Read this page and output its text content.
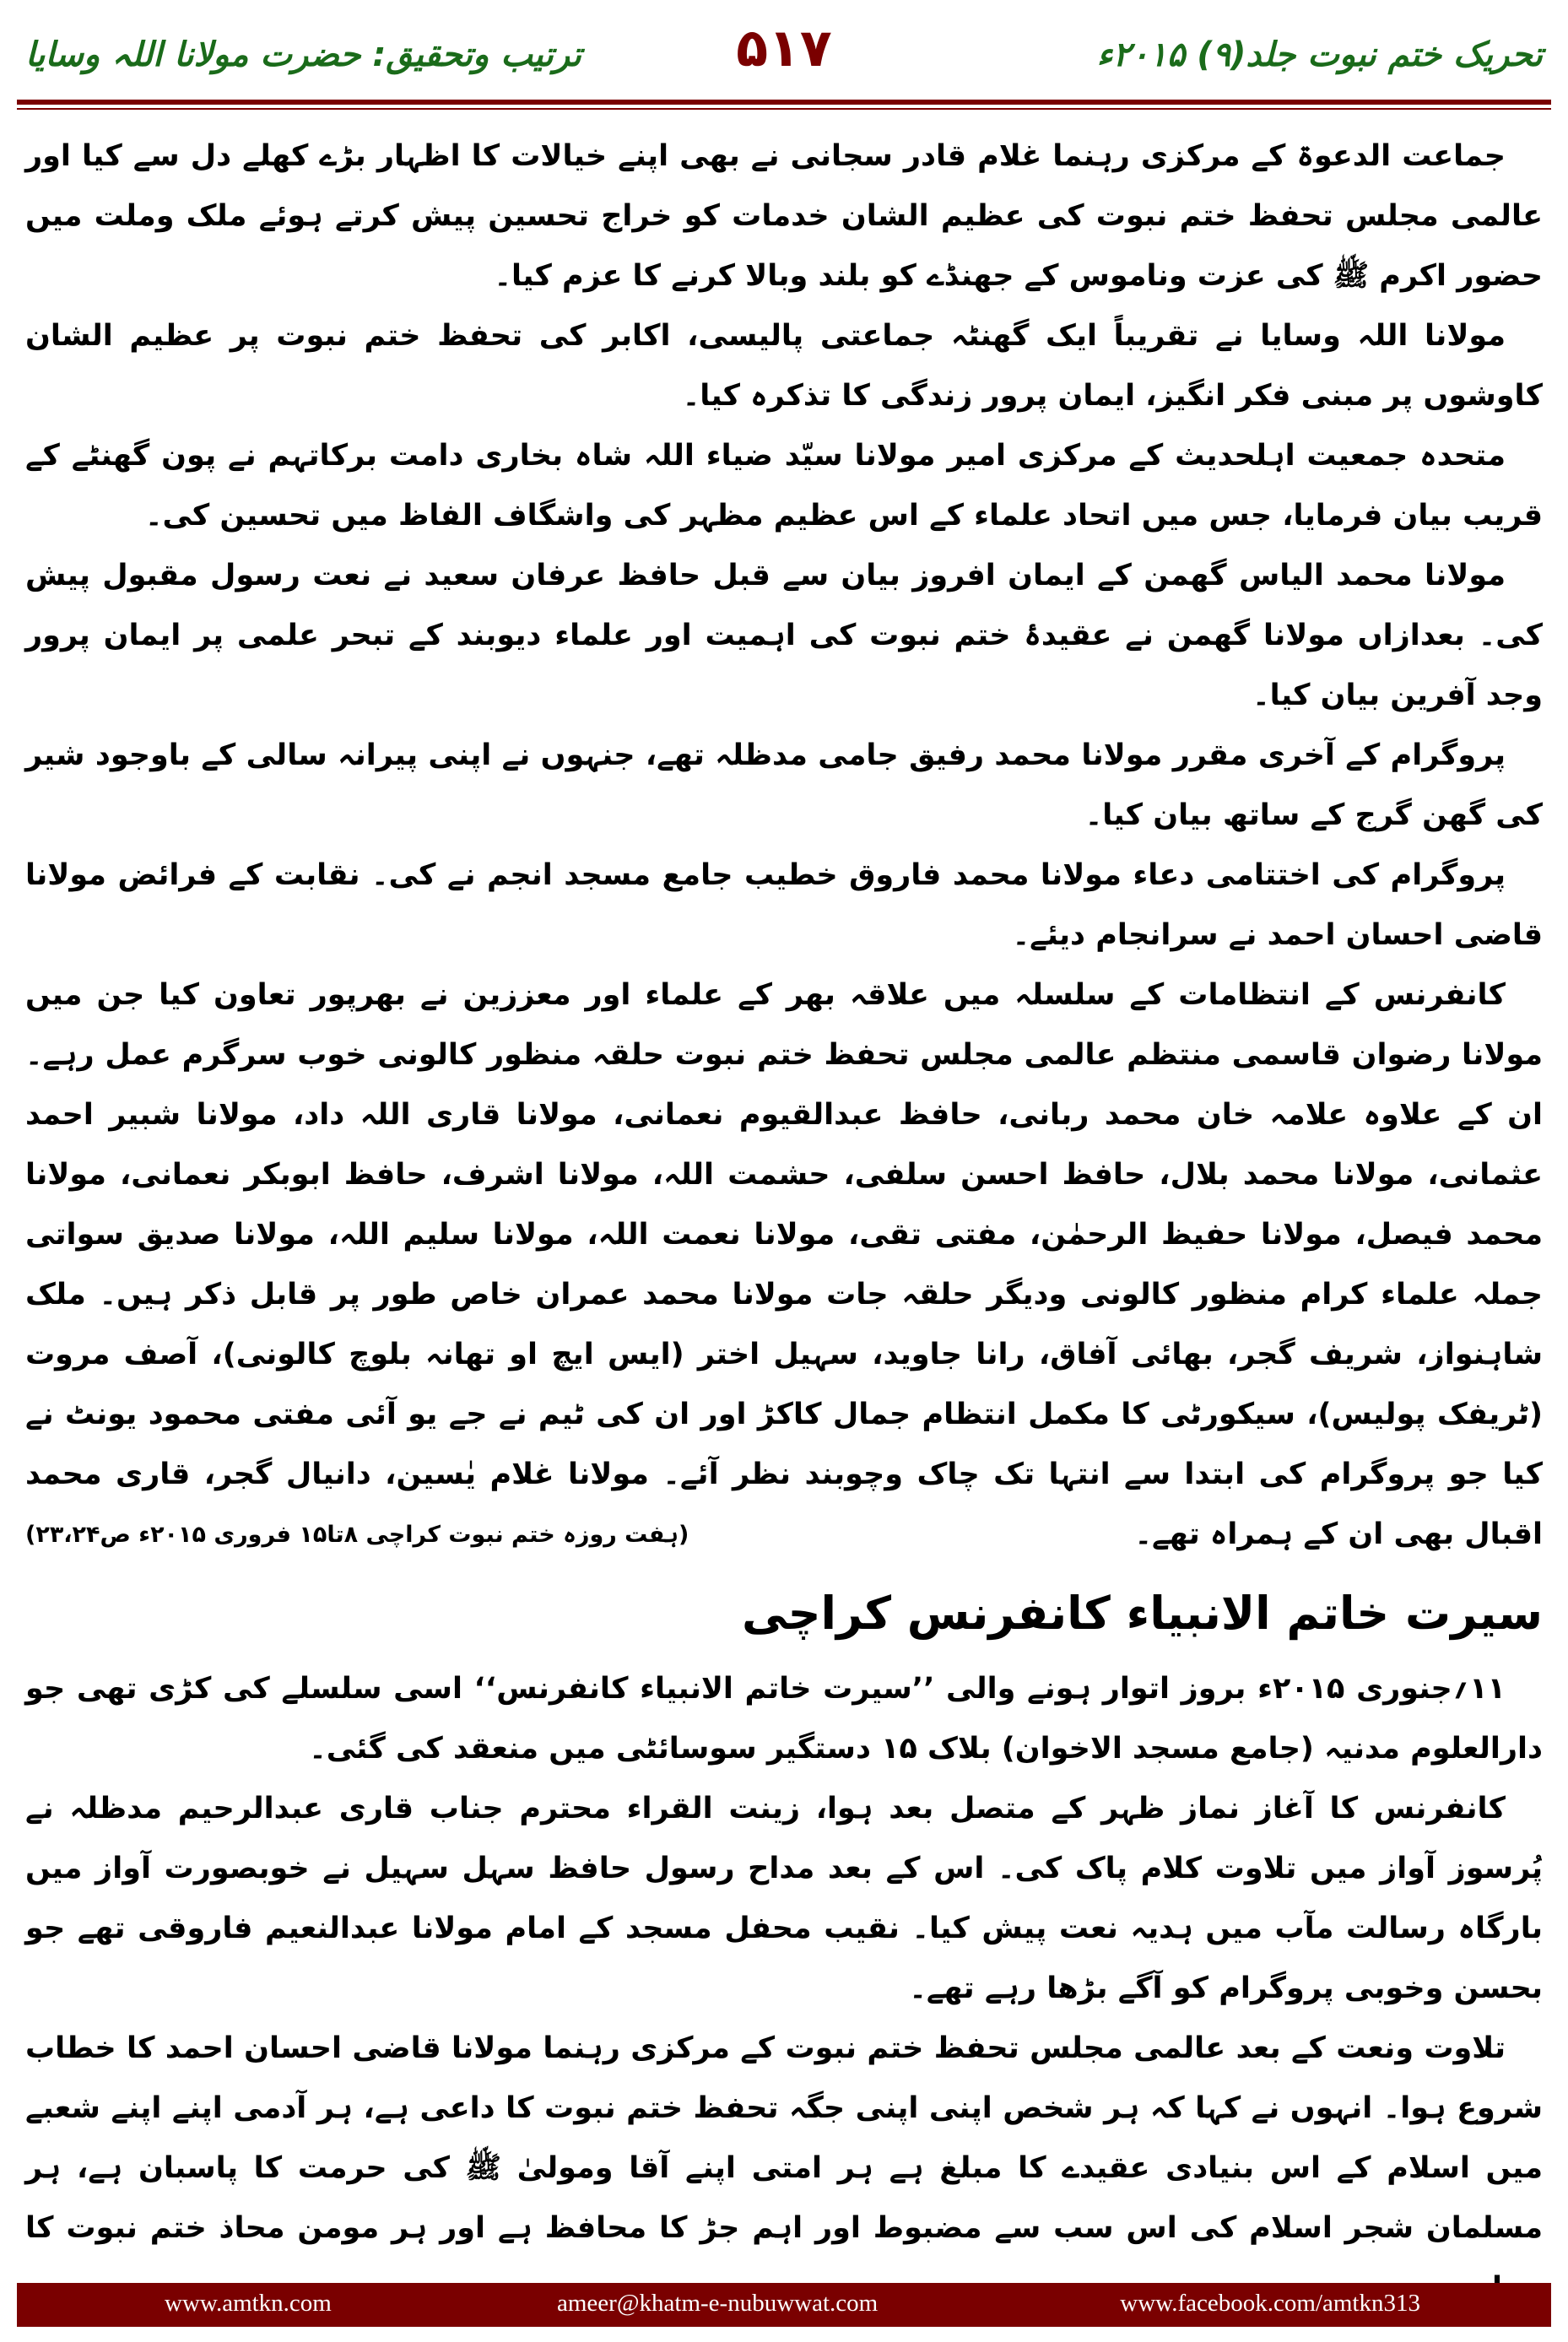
تحریک ختم نبوت جلد(۹) ۲۰۱۵ء
۵۱۷
ترتیب وتحقیق: حضرت مولانا اللہ وسایا

جماعت الدعوۃ کے مرکزی رہنما غلام قادر سجانی نے بھی اپنے خیالات کا اظہار بڑے کھلے دل سے کیا اور عالمی مجلس تحفظ ختم نبوت کی عظیم الشان خدمات کو خراج تحسین پیش کرتے ہوئے ملک وملت میں حضور اکرم ﷺ کی عزت وناموس کے جھنڈے کو بلند وبالا کرنے کا عزم کیا۔

مولانا اللہ وسایا نے تقریباً ایک گھنٹہ جماعتی پالیسی، اکابر کی تحفظ ختم نبوت پر عظیم الشان کاوشوں پر مبنی فکر انگیز، ایمان پرور زندگی کا تذکرہ کیا۔

متحدہ جمعیت اہلحدیث کے مرکزی امیر مولانا سیّد ضیاء اللہ شاہ بخاری دامت برکاتہم نے پون گھنٹے کے قریب بیان فرمایا، جس میں اتحاد علماء کے اس عظیم مظہر کی واشگاف الفاظ میں تحسین کی۔

مولانا محمد الیاس گھمن کے ایمان افروز بیان سے قبل حافظ عرفان سعید نے نعت رسول مقبول پیش کی۔ بعدازاں مولانا گھمن نے عقیدۂ ختم نبوت کی اہمیت اور علماء دیوبند کے تبحر علمی پر ایمان پرور وجد آفرین بیان کیا۔

پروگرام کے آخری مقرر مولانا محمد رفیق جامی مدظلہ تھے، جنہوں نے اپنی پیرانہ سالی کے باوجود شیر کی گھن گرج کے ساتھ بیان کیا۔

پروگرام کی اختتامی دعاء مولانا محمد فاروق خطیب جامع مسجد انجم نے کی۔ نقابت کے فرائض مولانا قاضی احسان احمد نے سرانجام دیئے۔

کانفرنس کے انتظامات کے سلسلہ میں علاقہ بھر کے علماء اور معززین نے بھرپور تعاون کیا جن میں مولانا رضوان قاسمی منتظم عالمی مجلس تحفظ ختم نبوت حلقہ منظور کالونی خوب سرگرم عمل رہے۔ ان کے علاوہ علامہ خان محمد ربانی، حافظ عبدالقیوم نعمانی، مولانا قاری اللہ داد، مولانا شبیر احمد عثمانی، مولانا محمد بلال، حافظ احسن سلفی، حشمت اللہ، مولانا اشرف، حافظ ابوبکر نعمانی، مولانا محمد فیصل، مولانا حفیظ الرحمٰن، مفتی تقی، مولانا نعمت اللہ، مولانا سلیم اللہ، مولانا صدیق سواتی جملہ علماء کرام منظور کالونی ودیگر حلقہ جات مولانا محمد عمران خاص طور پر قابل ذکر ہیں۔ ملک شاہنواز، شریف گجر، بھائی آفاق، رانا جاوید، سہیل اختر (ایس ایچ او تھانہ بلوچ کالونی)، آصف مروت (ٹریفک پولیس)، سیکورٹی کا مکمل انتظام جمال کاکڑ اور ان کی ٹیم نے جے یو آئی مفتی محمود یونٹ نے کیا جو پروگرام کی ابتدا سے انتہا تک چاک وچوبند نظر آئے۔ مولانا غلام یٰسین، دانیال گجر، قاری محمد اقبال بھی ان کے ہمراہ تھے۔
(ہفت روزہ ختم نبوت کراچی ۸تا۱۵ فروری ۲۰۱۵ء ص۲۳،۲۴)

سیرت خاتم الانبیاء کانفرنس کراچی

۱۱؍جنوری ۲۰۱۵ء بروز اتوار ہونے والی ’’سیرت خاتم الانبیاء کانفرنس‘‘ اسی سلسلے کی کڑی تھی جو دارالعلوم مدنیہ (جامع مسجد الاخوان) بلاک ۱۵ دستگیر سوسائٹی میں منعقد کی گئی۔

کانفرنس کا آغاز نماز ظہر کے متصل بعد ہوا، زینت القراء محترم جناب قاری عبدالرحیم مدظلہ نے پُرسوز آواز میں تلاوت کلام پاک کی۔ اس کے بعد مداح رسول حافظ سہل سہیل نے خوبصورت آواز میں بارگاہ رسالت مآب میں ہدیہ نعت پیش کیا۔ نقیب محفل مسجد کے امام مولانا عبدالنعیم فاروقی تھے جو بحسن وخوبی پروگرام کو آگے بڑھا رہے تھے۔

تلاوت ونعت کے بعد عالمی مجلس تحفظ ختم نبوت کے مرکزی رہنما مولانا قاضی احسان احمد کا خطاب شروع ہوا۔ انہوں نے کہا کہ ہر شخص اپنی اپنی جگہ تحفظ ختم نبوت کا داعی ہے، ہر آدمی اپنے اپنے شعبے میں اسلام کے اس بنیادی عقیدے کا مبلغ ہے ہر امتی اپنے آقا ومولیٰ ﷺ کی حرمت کا پاسبان ہے، ہر مسلمان شجر اسلام کی اس سب سے مضبوط اور اہم جڑ کا محافظ ہے اور ہر مومن محاذ ختم نبوت کا

www.amtkn.com	ameer@khatm-e-nubuwwat.com	www.facebook.com/amtkn313
